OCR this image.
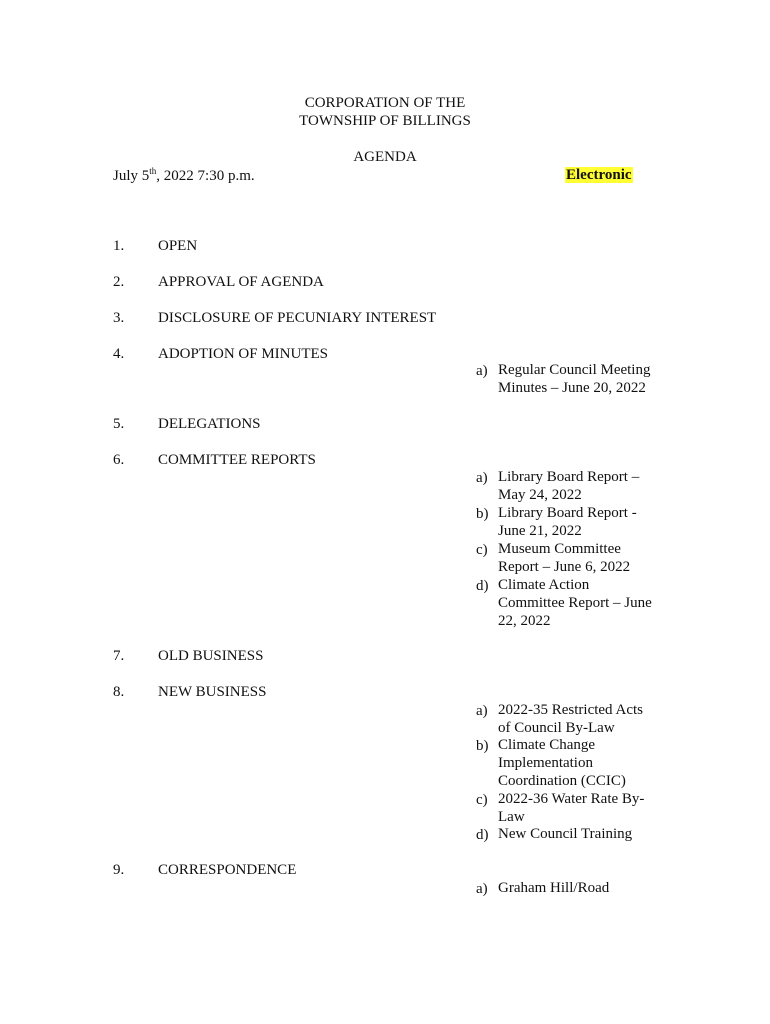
CORPORATION OF THE
TOWNSHIP OF BILLINGS
AGENDA
July 5th, 2022 7:30 p.m.	Electronic
1. OPEN
2. APPROVAL OF AGENDA
3. DISCLOSURE OF PECUNIARY INTEREST
4. ADOPTION OF MINUTES
a) Regular Council Meeting
Minutes – June 20, 2022
5. DELEGATIONS
6. COMMITTEE REPORTS
a) Library Board Report –
May 24, 2022
b) Library Board Report -
June 21, 2022
c) Museum Committee
Report – June 6, 2022
d) Climate Action
Committee Report – June
22, 2022
7. OLD BUSINESS
8. NEW BUSINESS
a) 2022-35 Restricted Acts
of Council By-Law
b) Climate Change
Implementation
Coordination (CCIC)
c) 2022-36 Water Rate By-
Law
d) New Council Training
9. CORRESPONDENCE
a) Graham Hill/Road
